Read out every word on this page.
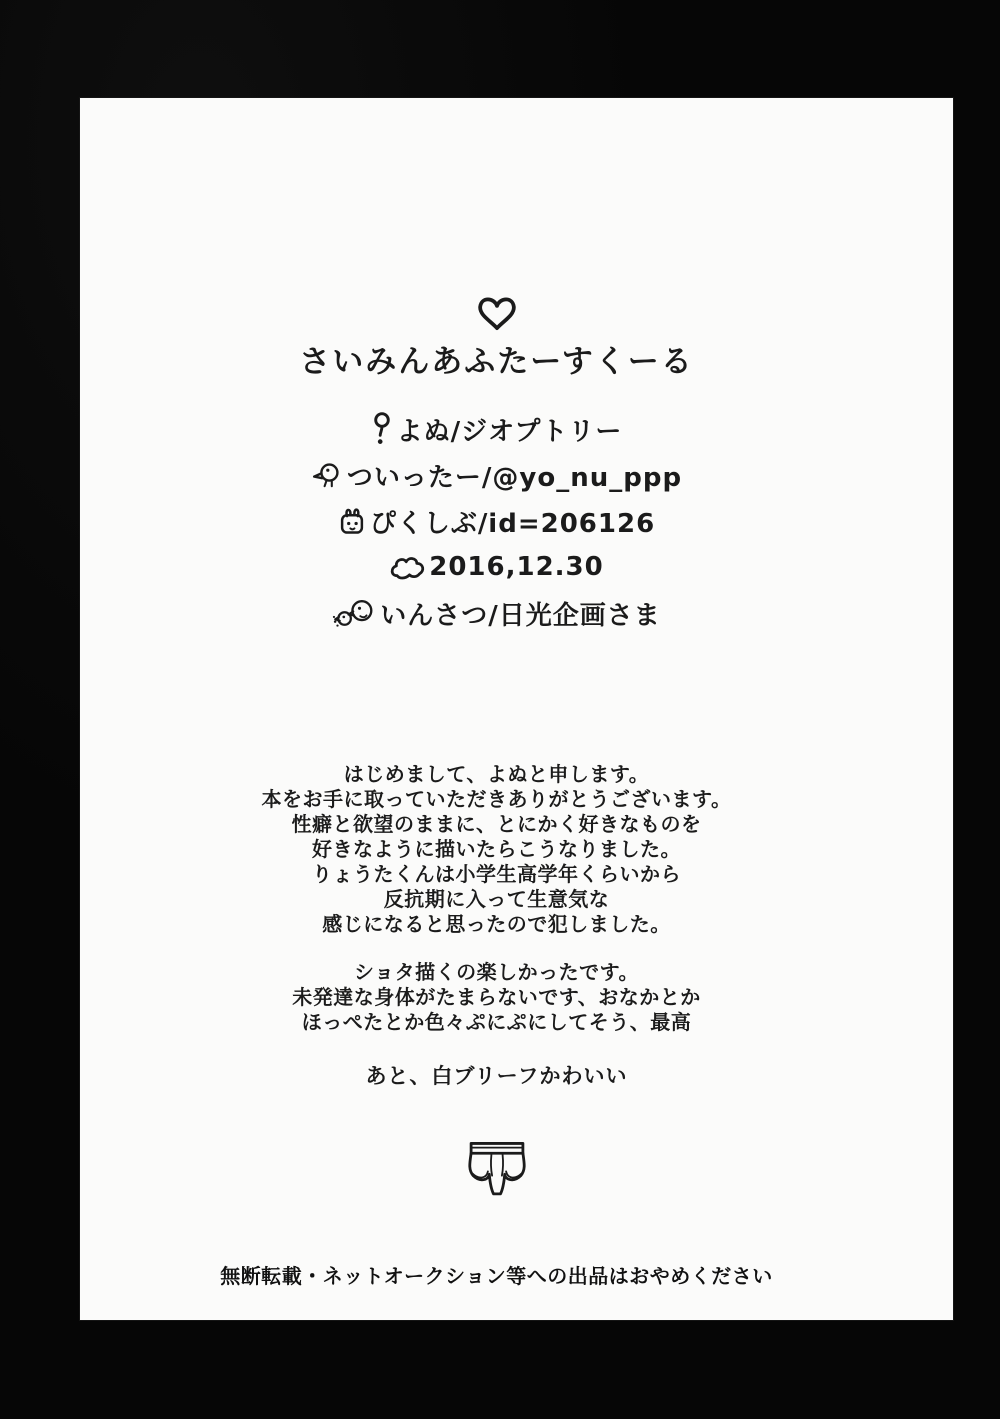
さいみんあふたーすくーる
よぬ/ジオプトリー
ついったー/@yo_nu_ppp
ぴくしぶ/id=206126
2016,12.30
いんさつ/日光企画さま
はじめまして、よぬと申します。
本をお手に取っていただきありがとうございます。
性癖と欲望のままに、とにかく好きなものを
好きなように描いたらこうなりました。
りょうたくんは小学生高学年くらいから
反抗期に入って生意気な
感じになると思ったので犯しました。
ショタ描くの楽しかったです。
未発達な身体がたまらないです、おなかとか
ほっぺたとか色々ぷにぷにしてそう、最高
あと、白ブリーフかわいい
無断転載・ネットオークション等への出品はおやめください
